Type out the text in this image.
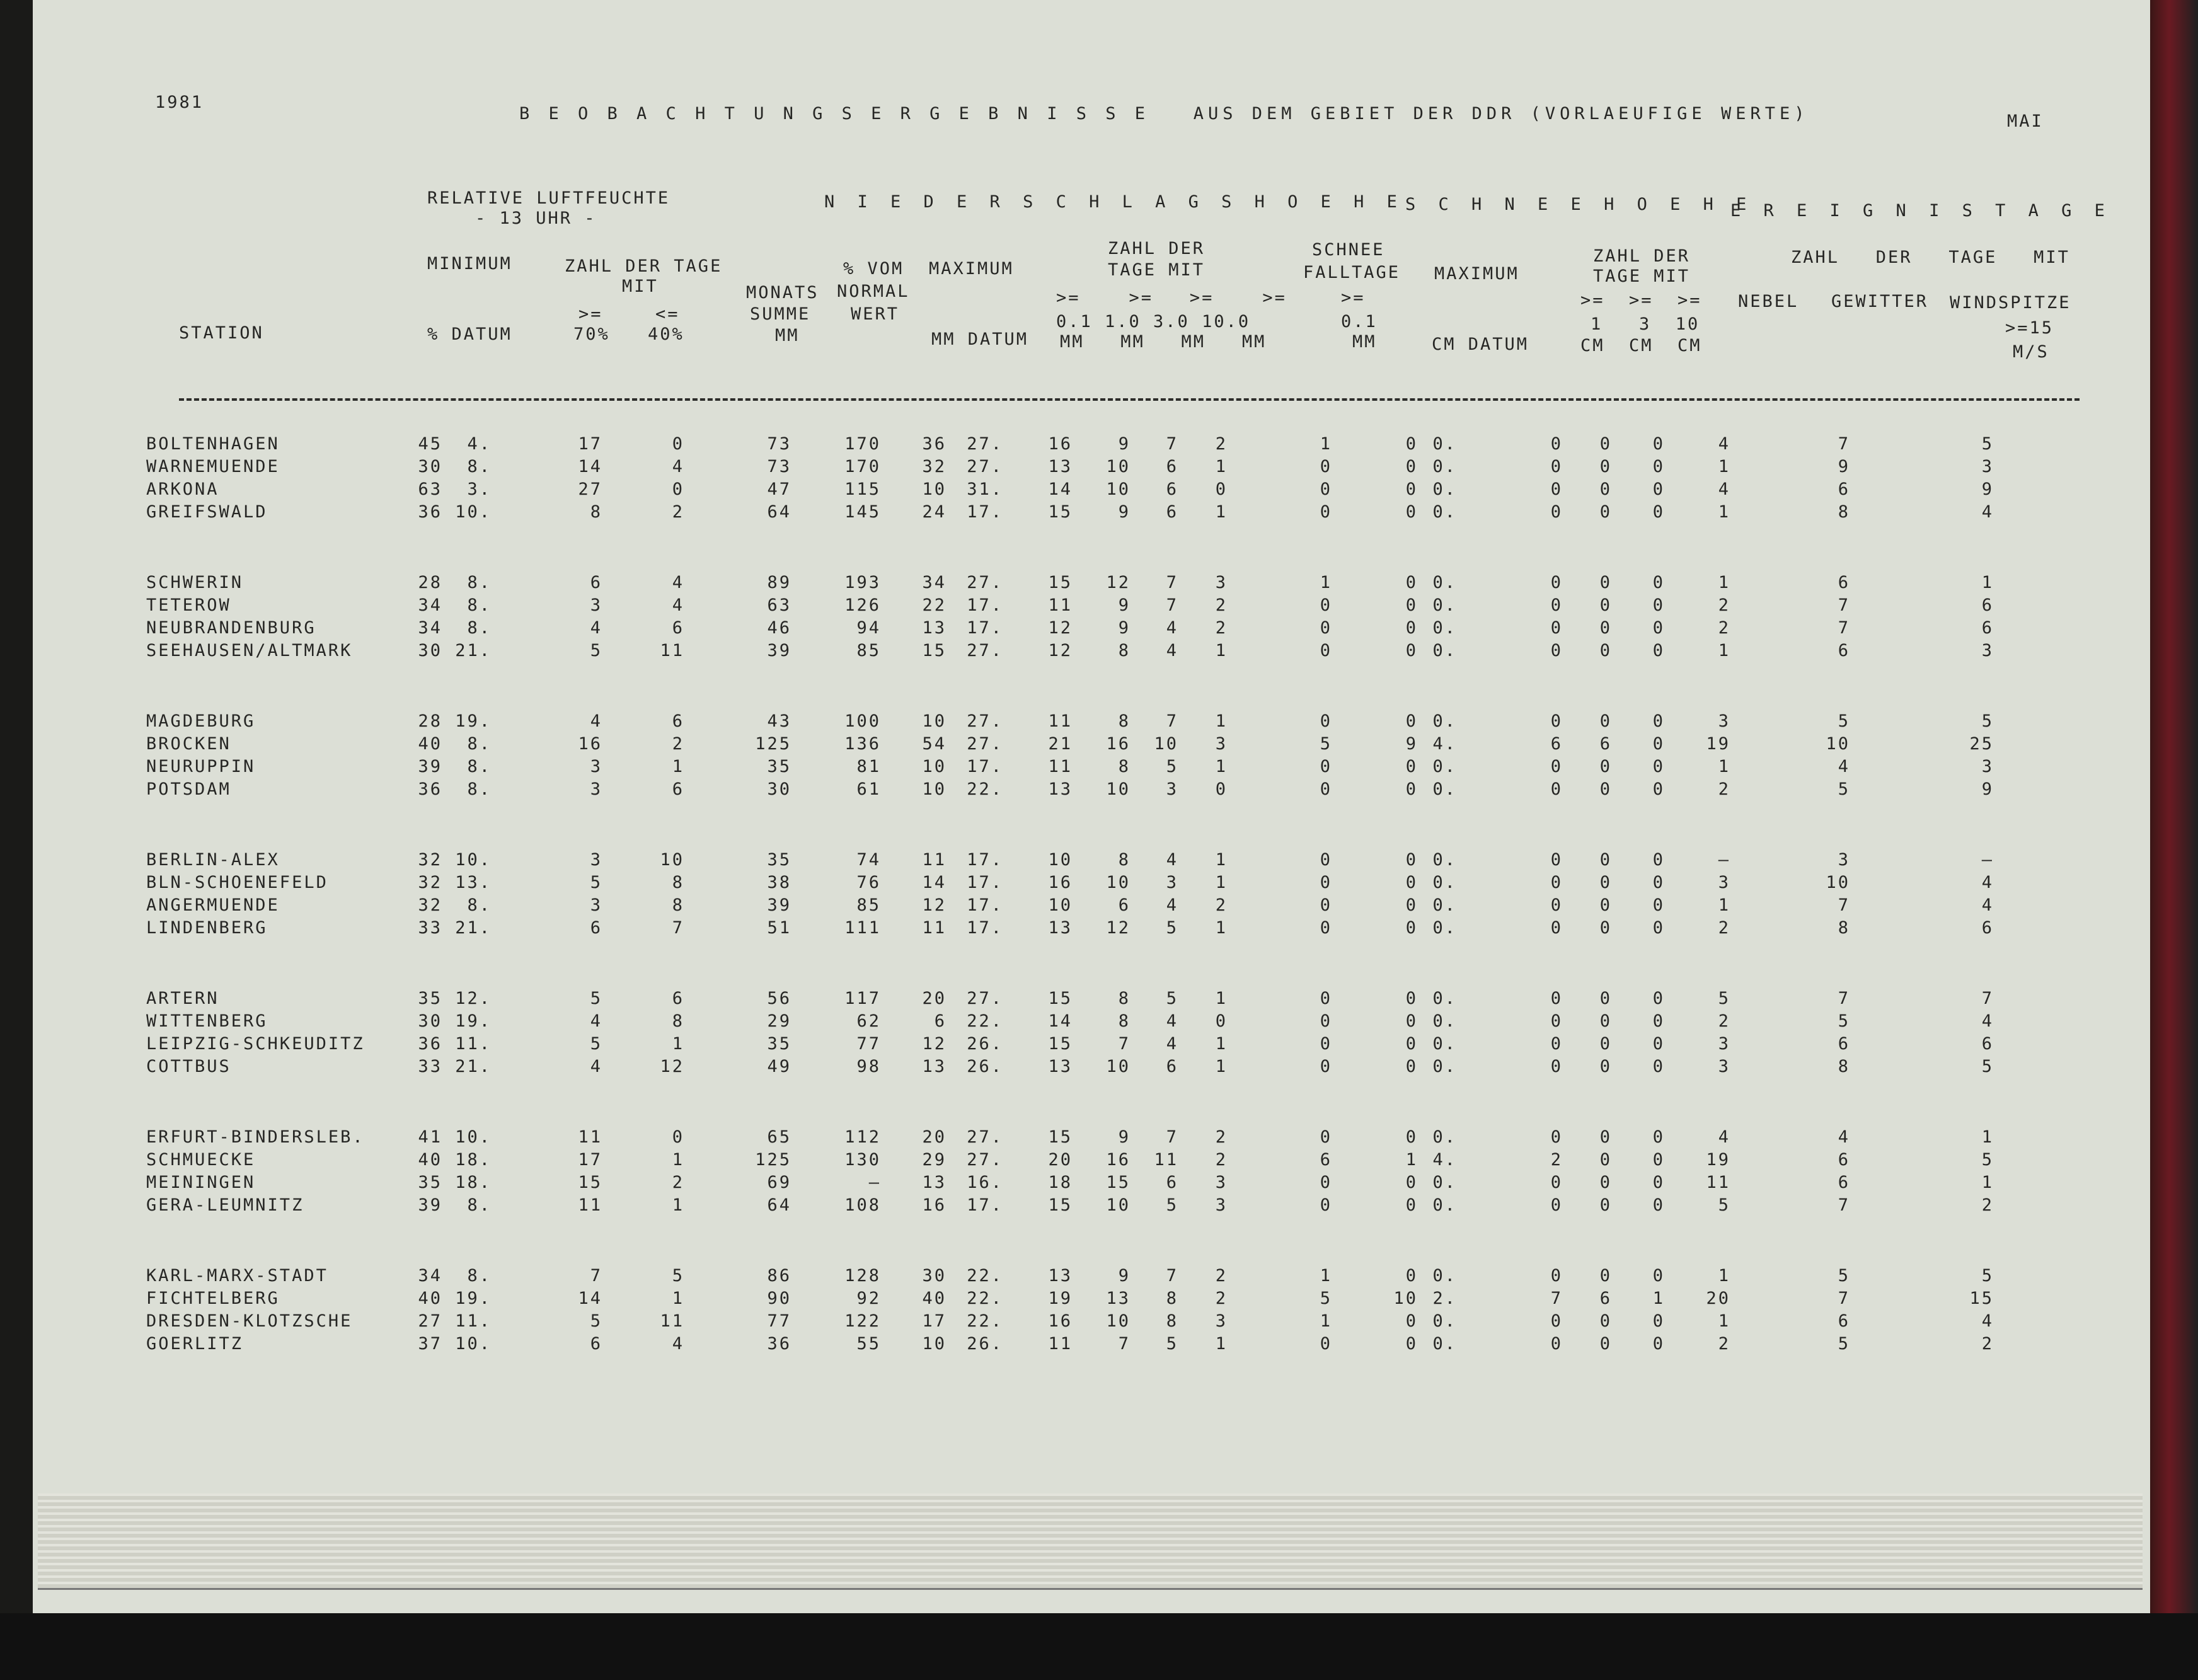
1981
B E O B A C H T U N G S E R G E B N I S S E   AUS DEM GEBIET DER DDR (VORLAEUFIGE WERTE)	MAI
RELATIVE LUFTFEUCHTE
- 13 UHR -
N I E D E R S C H L A G S H O E H E S C H N E E H O E H E
E R E I G N I S T A G E
MINIMUM	ZAHL DER TAGE
MIT
>=	<=
70% 40%
% DATUM
MONATS
SUMME
MM
% VOM
NORMAL
WERT
MAXIMUM
MM DATUM
ZAHL DER
TAGE MIT
>=    >=   >=    >=
0.1 1.0 3.0 10.0
MM   MM   MM   MM
SCHNEE
FALLTAGE
>=
0.1
MM
MAXIMUM
CM DATUM
ZAHL DER
TAGE MIT
>=  >=  >=
1   3  10
CM  CM  CM
ZAHL   DER   TAGE   MIT
NEBEL GEWITTER WINDSPITZE
>=15
M/S
STATION
BOLTENHAGEN	45	4.	17	0	73	170	36	27.	16	9	7	2	1	0 0.	0	0	0	4	7	5
WARNEMUENDE	30	8.	14	4	73	170	32	27.	13	10	6	1	0	0 0.	0	0	0	1	9	3
ARKONA	63	3.	27	0	47	115	10	31.	14	10	6	0	0	0 0.	0	0	0	4	6	9
GREIFSWALD	36 10.	8	2	64	145	24	17.	15	9	6	1	0	0 0.	0	0	0	1	8	4
SCHWERIN	28	8.	6	4	89	193	34	27.	15	12	7	3	1	0 0.	0	0	0	1	6	1
TETEROW	34	8.	3	4	63	126	22	17.	11	9	7	2	0	0 0.	0	0	0	2	7	6
NEUBRANDENBURG	34	8.	4	6	46	94	13	17.	12	9	4	2	0	0 0.	0	0	0	2	7	6
SEEHAUSEN/ALTMARK	30 21.	5	11	39	85	15	27.	12	8	4	1	0	0 0.	0	0	0	1	6	3
MAGDEBURG	28 19.	4	6	43	100	10	27.	11	8	7	1	0	0 0.	0	0	0	3	5	5
BROCKEN	40	8.	16	2	125	136	54	27.	21	16	10	3	5	9 4.	6	6	0	19	10	25
NEURUPPIN	39	8.	3	1	35	81	10	17.	11	8	5	1	0	0 0.	0	0	0	1	4	3
POTSDAM	36	8.	3	6	30	61	10	22.	13	10	3	0	0	0 0.	0	0	0	2	5	9
BERLIN-ALEX	32 10.	3	10	35	74	11	17.	10	8	4	1	0	0 0.	0	0	0	—	3	—
BLN-SCHOENEFELD	32 13.	5	8	38	76	14	17.	16	10	3	1	0	0 0.	0	0	0	3	10	4
ANGERMUENDE	32	8.	3	8	39	85	12	17.	10	6	4	2	0	0 0.	0	0	0	1	7	4
LINDENBERG	33 21.	6	7	51	111	11	17.	13	12	5	1	0	0 0.	0	0	0	2	8	6
ARTERN	35 12.	5	6	56	117	20	27.	15	8	5	1	0	0 0.	0	0	0	5	7	7
WITTENBERG	30 19.	4	8	29	62	6	22.	14	8	4	0	0	0 0.	0	0	0	2	5	4
LEIPZIG-SCHKEUDITZ	36 11.	5	1	35	77	12	26.	15	7	4	1	0	0 0.	0	0	0	3	6	6
COTTBUS	33 21.	4	12	49	98	13	26.	13	10	6	1	0	0 0.	0	0	0	3	8	5
ERFURT-BINDERSLEB.	41 10.	11	0	65	112	20	27.	15	9	7	2	0	0 0.	0	0	0	4	4	1
SCHMUECKE	40 18.	17	1	125	130	29	27.	20	16	11	2	6	1 4.	2	0	0	19	6	5
MEININGEN	35 18.	15	2	69	—	13	16.	18	15	6	3	0	0 0.	0	0	0	11	6	1
GERA-LEUMNITZ	39	8.	11	1	64	108	16	17.	15	10	5	3	0	0 0.	0	0	0	5	7	2
KARL-MARX-STADT	34	8.	7	5	86	128	30	22.	13	9	7	2	1	0 0.	0	0	0	1	5	5
FICHTELBERG	40 19.	14	1	90	92	40	22.	19	13	8	2	5	10 2.	7	6	1	20	7	15
DRESDEN-KLOTZSCHE	27 11.	5	11	77	122	17	22.	16	10	8	3	1	0 0.	0	0	0	1	6	4
GOERLITZ	37 10.	6	4	36	55	10	26.	11	7	5	1	0	0 0.	0	0	0	2	5	2
